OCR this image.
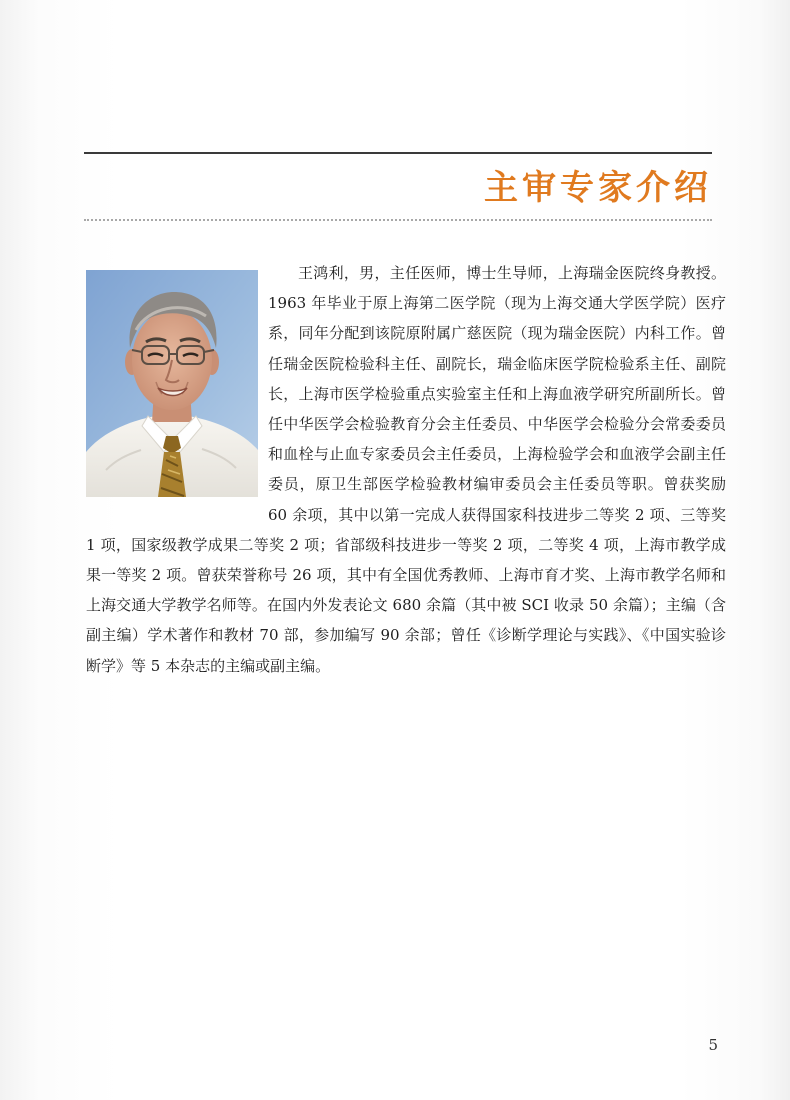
主审专家介绍

王鸿利，男，主任医师，博士生导师，上海瑞金医院终身教授。1963 年毕业于原上海第二医学院（现为上海交通大学医学院）医疗系，同年分配到该院原附属广慈医院（现为瑞金医院）内科工作。曾任瑞金医院检验科主任、副院长，瑞金临床医学院检验系主任、副院长，上海市医学检验重点实验室主任和上海血液学研究所副所长。曾任中华医学会检验教育分会主任委员、中华医学会检验分会常委委员和血栓与止血专家委员会主任委员，上海检验学会和血液学会副主任委员，原卫生部医学检验教材编审委员会主任委员等职。曾获奖励 60 余项，其中以第一完成人获得国家科技进步二等奖 2 项、三等奖 1 项，国家级教学成果二等奖 2 项；省部级科技进步一等奖 2 项，二等奖 4 项，上海市教学成果一等奖 2 项。曾获荣誉称号 26 项，其中有全国优秀教师、上海市育才奖、上海市教学名师和上海交通大学教学名师等。在国内外发表论文 680 余篇（其中被 SCI 收录 50 余篇）；主编（含副主编）学术著作和教材 70 部，参加编写 90 余部；曾任《诊断学理论与实践》、《中国实验诊断学》等 5 本杂志的主编或副主编。

5
